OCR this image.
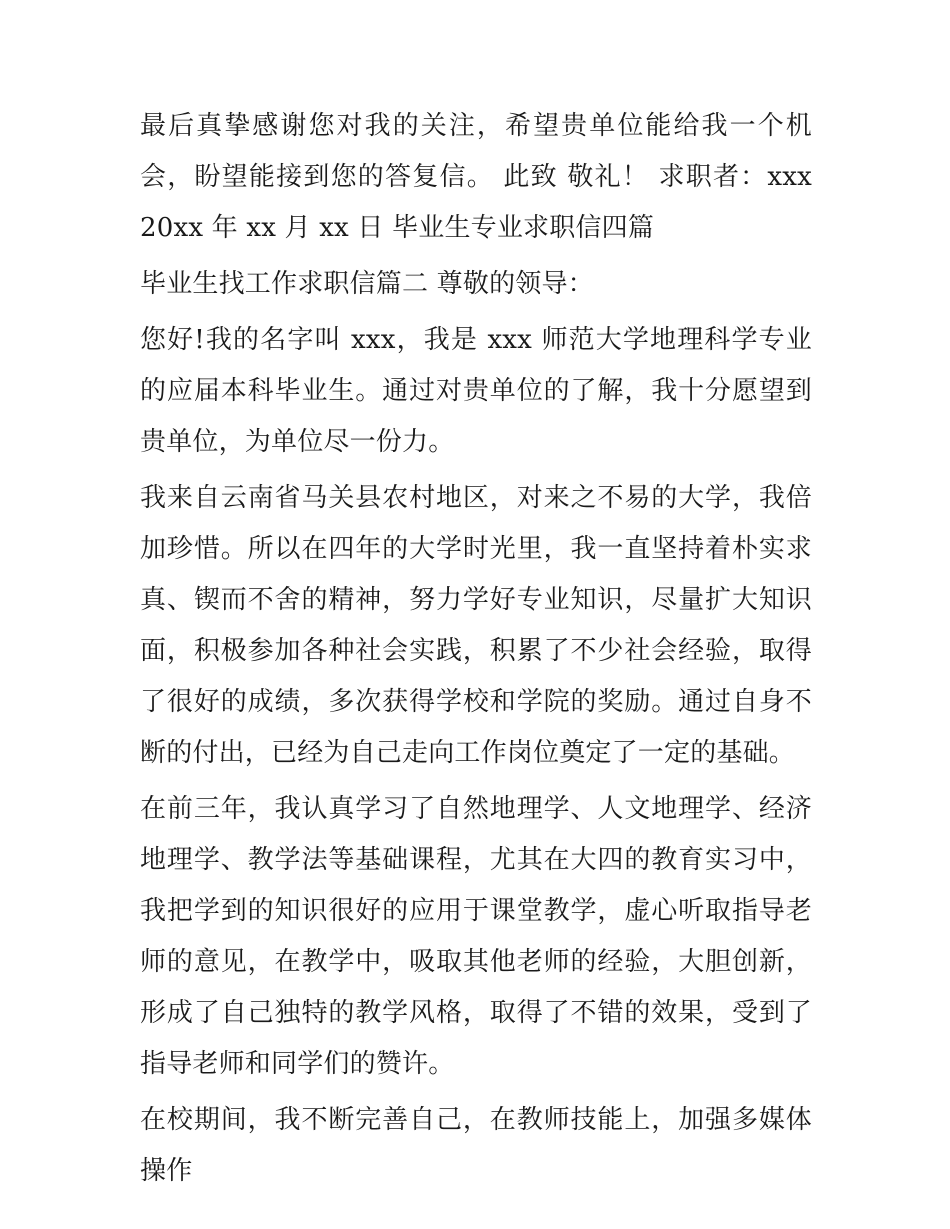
最后真挚感谢您对我的关注，希望贵单位能给我一个机会，盼望能接到您的答复信。 此致 敬礼！ 求职者：xxx 20xx 年 xx 月 xx 日 毕业生专业求职信四篇

毕业生找工作求职信篇二 尊敬的领导：

您好!我的名字叫 xxx，我是 xxx 师范大学地理科学专业的应届本科毕业生。通过对贵单位的了解，我十分愿望到贵单位，为单位尽一份力。

我来自云南省马关县农村地区，对来之不易的大学，我倍加珍惜。所以在四年的大学时光里，我一直坚持着朴实求真、锲而不舍的精神，努力学好专业知识，尽量扩大知识面，积极参加各种社会实践，积累了不少社会经验，取得了很好的成绩，多次获得学校和学院的奖励。通过自身不断的付出，已经为自己走向工作岗位奠定了一定的基础。

在前三年，我认真学习了自然地理学、人文地理学、经济地理学、教学法等基础课程，尤其在大四的教育实习中，我把学到的知识很好的应用于课堂教学，虚心听取指导老师的意见，在教学中，吸取其他老师的经验，大胆创新，形成了自己独特的教学风格，取得了不错的效果，受到了指导老师和同学们的赞许。

在校期间，我不断完善自己，在教师技能上，加强多媒体操作
